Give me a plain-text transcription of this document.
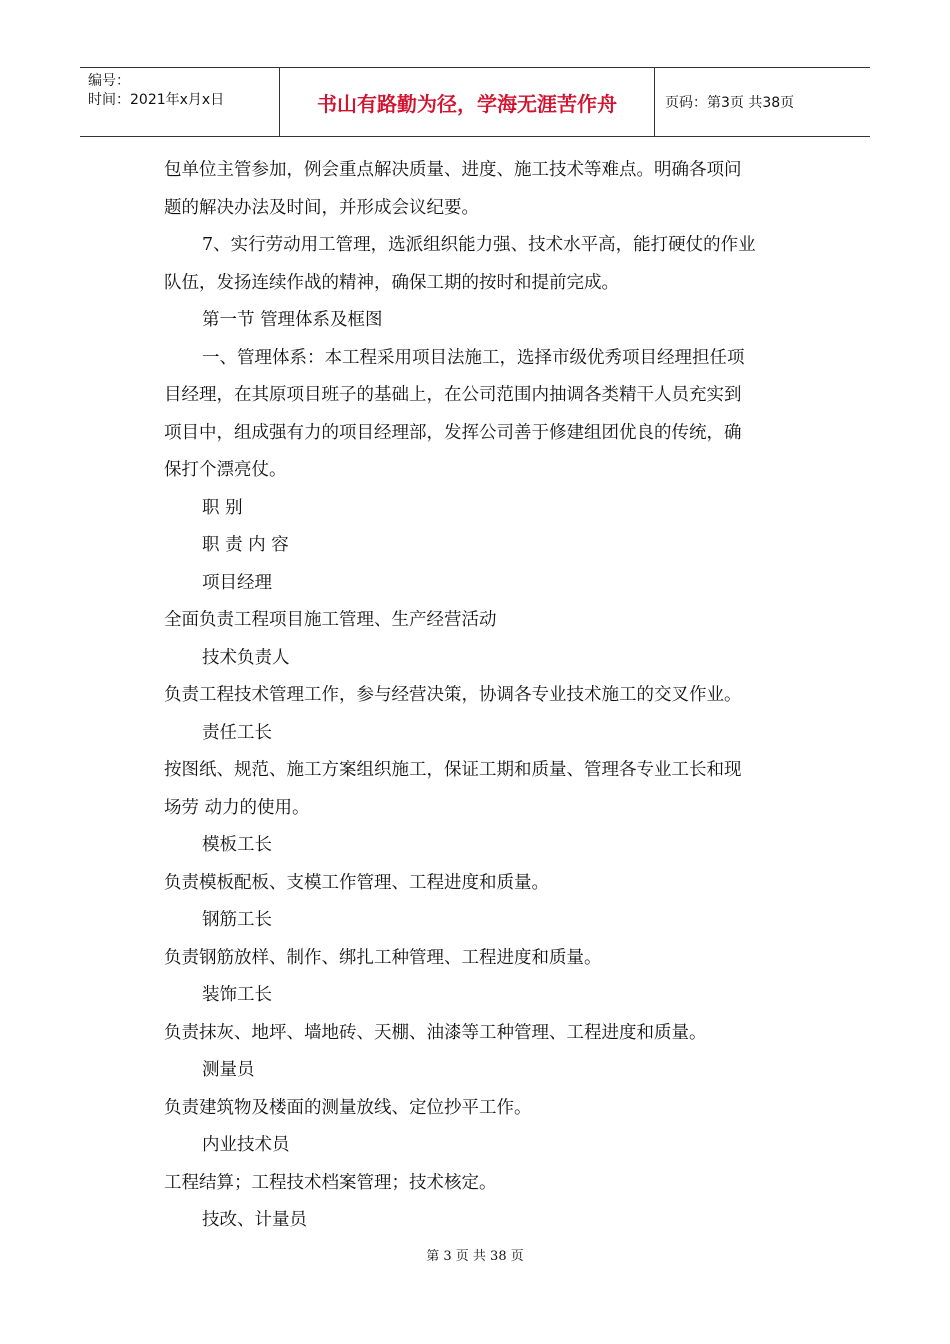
编号：
时间：2021年x月x日	书山有路勤为径，学海无涯苦作舟	页码：第3页 共38页
包单位主管参加，例会重点解决质量、进度、施工技术等难点。明确各项问
题的解决办法及时间，并形成会议纪要。
7、实行劳动用工管理，选派组织能力强、技术水平高，能打硬仗的作业
队伍，发扬连续作战的精神，确保工期的按时和提前完成。
第一节 管理体系及框图
一、管理体系：本工程采用项目法施工，选择市级优秀项目经理担任项
目经理，在其原项目班子的基础上，在公司范围内抽调各类精干人员充实到
项目中，组成强有力的项目经理部，发挥公司善于修建组团优良的传统，确
保打个漂亮仗。
职 别
职 责 内 容
项目经理
全面负责工程项目施工管理、生产经营活动
技术负责人
负责工程技术管理工作，参与经营决策，协调各专业技术施工的交叉作业。
责任工长
按图纸、规范、施工方案组织施工，保证工期和质量、管理各专业工长和现
场劳 动力的使用。
模板工长
负责模板配板、支模工作管理、工程进度和质量。
钢筋工长
负责钢筋放样、制作、绑扎工种管理、工程进度和质量。
装饰工长
负责抹灰、地坪、墙地砖、天棚、油漆等工种管理、工程进度和质量。
测量员
负责建筑物及楼面的测量放线、定位抄平工作。
内业技术员
工程结算；工程技术档案管理；技术核定。
技改、计量员
第 3 页 共 38 页
